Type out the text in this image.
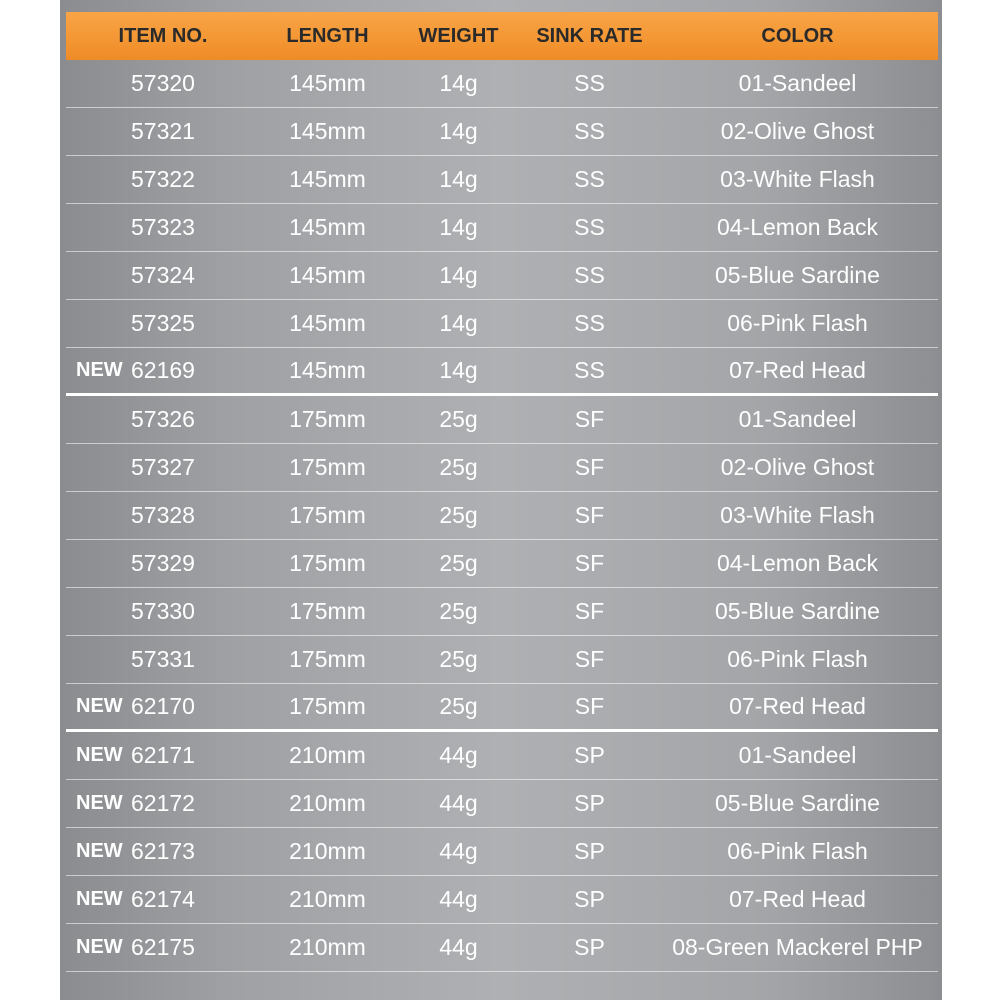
ITEM NO.	LENGTH	WEIGHT	SINK RATE	COLOR
57320	145mm	14g	SS	01-Sandeel
57321	145mm	14g	SS	02-Olive Ghost
57322	145mm	14g	SS	03-White Flash
57323	145mm	14g	SS	04-Lemon Back
57324	145mm	14g	SS	05-Blue Sardine
57325	145mm	14g	SS	06-Pink Flash
NEW 62169	145mm	14g	SS	07-Red Head
57326	175mm	25g	SF	01-Sandeel
57327	175mm	25g	SF	02-Olive Ghost
57328	175mm	25g	SF	03-White Flash
57329	175mm	25g	SF	04-Lemon Back
57330	175mm	25g	SF	05-Blue Sardine
57331	175mm	25g	SF	06-Pink Flash
NEW 62170	175mm	25g	SF	07-Red Head
NEW 62171	210mm	44g	SP	01-Sandeel
NEW 62172	210mm	44g	SP	05-Blue Sardine
NEW 62173	210mm	44g	SP	06-Pink Flash
NEW 62174	210mm	44g	SP	07-Red Head
NEW 62175	210mm	44g	SP	08-Green Mackerel PHP
